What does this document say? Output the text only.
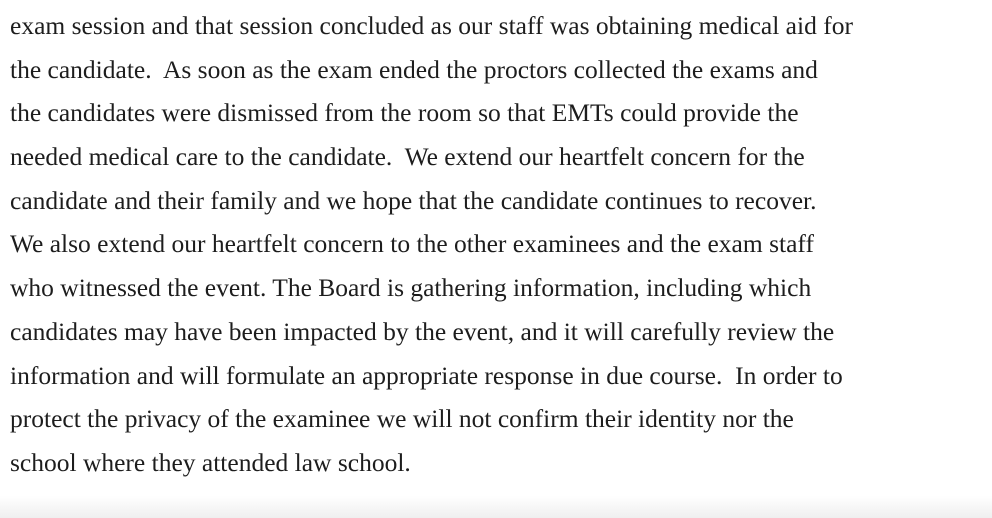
exam session and that session concluded as our staff was obtaining medical aid for
the candidate.  As soon as the exam ended the proctors collected the exams and
the candidates were dismissed from the room so that EMTs could provide the
needed medical care to the candidate.  We extend our heartfelt concern for the
candidate and their family and we hope that the candidate continues to recover.
We also extend our heartfelt concern to the other examinees and the exam staff
who witnessed the event. The Board is gathering information, including which
candidates may have been impacted by the event, and it will carefully review the
information and will formulate an appropriate response in due course.  In order to
protect the privacy of the examinee we will not confirm their identity nor the
school where they attended law school.
